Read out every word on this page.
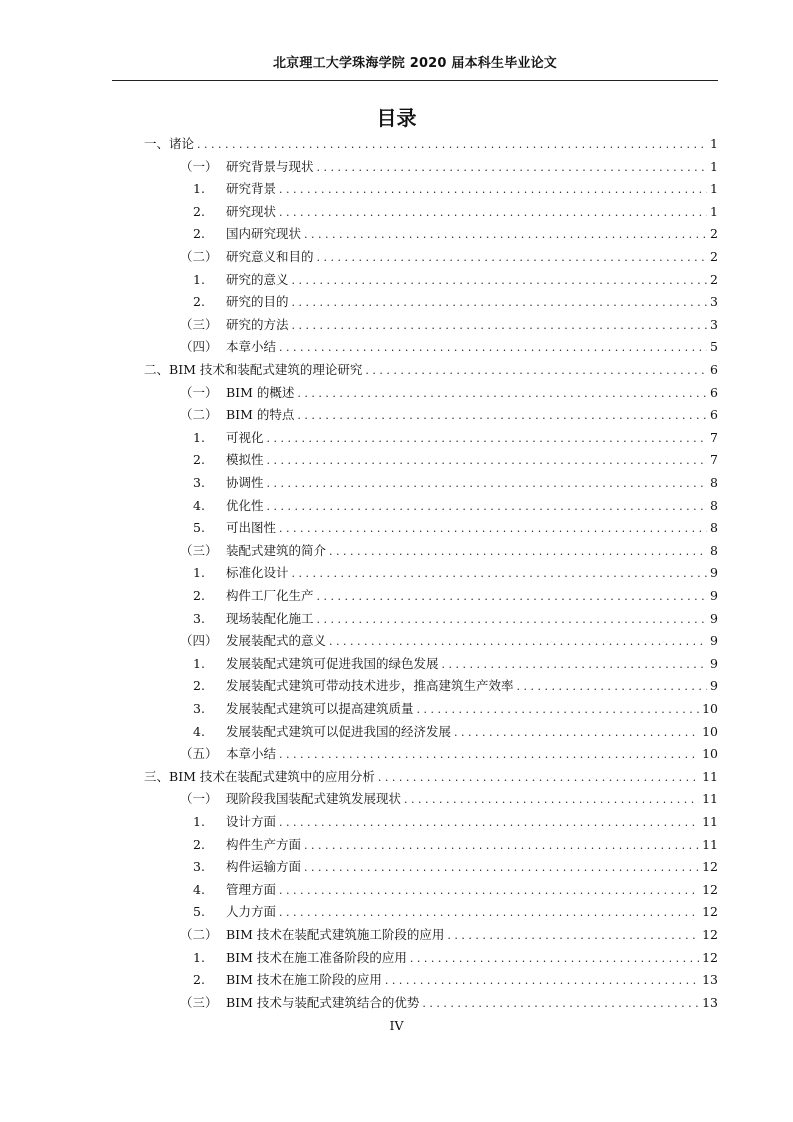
北京理工大学珠海学院 2020 届本科生毕业论文
目录
一、 诸论 . . .	1
（一） 研究背景与现状 . . .	1
1.	研究背景 . . .	1
2.	研究现状 . . .	1
2.	国内研究现状 . . .	2
（二） 研究意义和目的 . . .	2
1.	研究的意义 . . .	2
2.	研究的目的 . . .	3
（三） 研究的方法 . . .	3
（四） 本章小结 . . .	5
二、 BIM 技术和装配式建筑的理论研究 . . .	6
（一） BIM 的概述 . . .	6
（二） BIM 的特点 . . .	6
1.	可视化 . . .	7
2.	模拟性 . . .	7
3.	协调性 . . .	8
4.	优化性 . . .	8
5.	可出图性 . . .	8
（三） 装配式建筑的简介 . . .	8
1.	标准化设计 . . .	9
2.	构件工厂化生产 . . .	9
3.	现场装配化施工 . . .	9
（四） 发展装配式的意义 . . .	9
1.	发展装配式建筑可促进我国的绿色发展 . . .	9
2.	发展装配式建筑可带动技术进步，推高建筑生产效率 . . .	9
3.	发展装配式建筑可以提高建筑质量 . . .	10
4.	发展装配式建筑可以促进我国的经济发展 . . .	10
（五） 本章小结 . . .	10
三、 BIM 技术在装配式建筑中的应用分析 . . .	11
（一） 现阶段我国装配式建筑发展现状 . . .	11
1.	设计方面 . . .	11
2.	构件生产方面 . . .	11
3.	构件运输方面 . . .	12
4.	管理方面 . . .	12
5.	人力方面 . . .	12
（二） BIM 技术在装配式建筑施工阶段的应用 . . .	12
1.	BIM 技术在施工准备阶段的应用 . . .	12
2.	BIM 技术在施工阶段的应用 . . .	13
（三） BIM 技术与装配式建筑结合的优势 . . .	13
IV
